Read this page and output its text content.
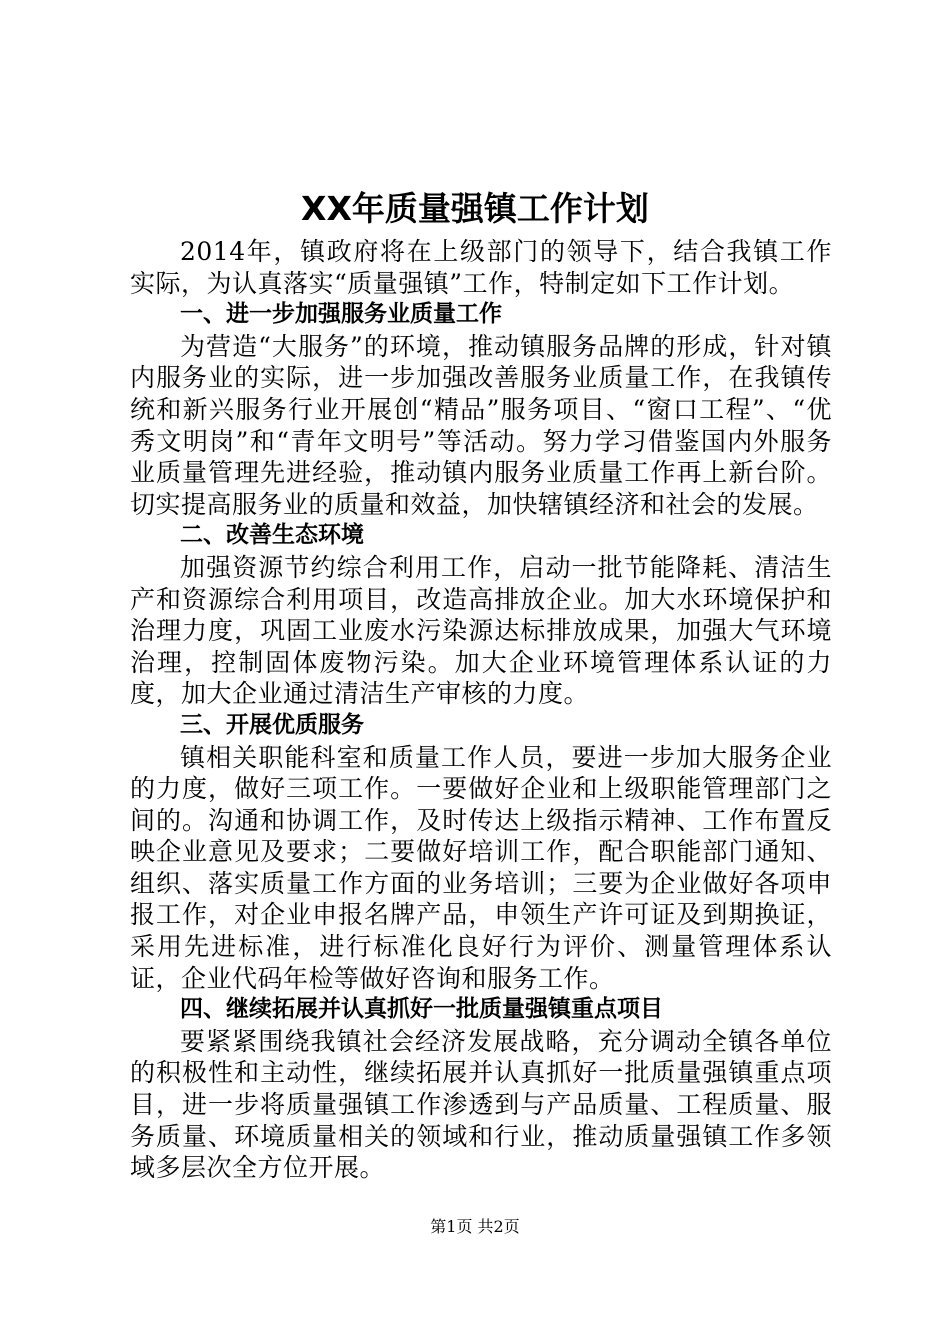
XX年质量强镇工作计划

2014年，镇政府将在上级部门的领导下，结合我镇工作实际，为认真落实“质量强镇”工作，特制定如下工作计划。

一、进一步加强服务业质量工作

为营造“大服务”的环境，推动镇服务品牌的形成，针对镇内服务业的实际，进一步加强改善服务业质量工作，在我镇传统和新兴服务行业开展创“精品”服务项目、“窗口工程”、“优秀文明岗”和“青年文明号”等活动。努力学习借鉴国内外服务业质量管理先进经验，推动镇内服务业质量工作再上新台阶。切实提高服务业的质量和效益，加快辖镇经济和社会的发展。

二、改善生态环境

加强资源节约综合利用工作，启动一批节能降耗、清洁生产和资源综合利用项目，改造高排放企业。加大水环境保护和治理力度，巩固工业废水污染源达标排放成果，加强大气环境治理，控制固体废物污染。加大企业环境管理体系认证的力度，加大企业通过清洁生产审核的力度。

三、开展优质服务

镇相关职能科室和质量工作人员，要进一步加大服务企业的力度，做好三项工作。一要做好企业和上级职能管理部门之间的。沟通和协调工作，及时传达上级指示精神、工作布置反映企业意见及要求；二要做好培训工作，配合职能部门通知、组织、落实质量工作方面的业务培训；三要为企业做好各项申报工作，对企业申报名牌产品，申领生产许可证及到期换证，采用先进标准，进行标准化良好行为评价、测量管理体系认证，企业代码年检等做好咨询和服务工作。

四、继续拓展并认真抓好一批质量强镇重点项目

要紧紧围绕我镇社会经济发展战略，充分调动全镇各单位的积极性和主动性，继续拓展并认真抓好一批质量强镇重点项目，进一步将质量强镇工作渗透到与产品质量、工程质量、服务质量、环境质量相关的领域和行业，推动质量强镇工作多领域多层次全方位开展。

第1页 共2页
